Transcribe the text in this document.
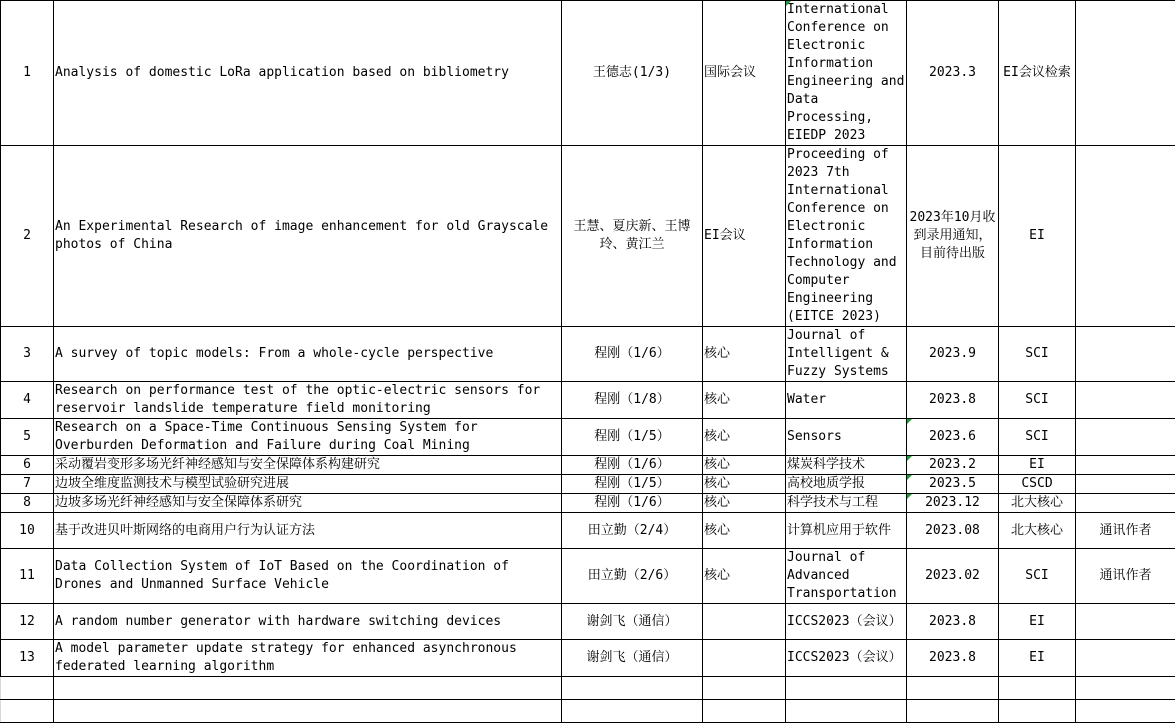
1	Analysis of domestic LoRa application based on bibliometry	王德志(1/3)	国际会议	International Conference on Electronic Information Engineering and Data Processing, EIEDP 2023	2023.3	EI会议检索	
2	An Experimental Research of image enhancement for old Grayscale photos of China	王慧、夏庆新、王博玲、黄江兰	EI会议	Proceeding of 2023 7th International Conference on Electronic Information Technology and Computer Engineering (EITCE 2023)	2023年10月收到录用通知，目前待出版	EI	
3	A survey of topic models: From a whole-cycle perspective	程刚（1/6）	核心	Journal of Intelligent & Fuzzy Systems	2023.9	SCI	
4	Research on performance test of the optic‑electric sensors for reservoir landslide temperature field monitoring	程刚（1/8）	核心	Water	2023.8	SCI	
5	Research on a Space‑Time Continuous Sensing System for Overburden Deformation and Failure during Coal Mining	程刚（1/5）	核心	Sensors	2023.6	SCI	
6	采动覆岩变形多场光纤神经感知与安全保障体系构建研究	程刚（1/6）	核心	煤炭科学技术	2023.2	EI	
7	边坡全维度监测技术与模型试验研究进展	程刚（1/5）	核心	高校地质学报	2023.5	CSCD	
8	边坡多场光纤神经感知与安全保障体系研究	程刚（1/6）	核心	科学技术与工程	2023.12	北大核心	
10	基于改进贝叶斯网络的电商用户行为认证方法	田立勤（2/4）	核心	计算机应用于软件	2023.08	北大核心	通讯作者
11	Data Collection System of IoT Based on the Coordination of Drones and Unmanned Surface Vehicle	田立勤（2/6）	核心	Journal of Advanced Transportation	2023.02	SCI	通讯作者
12	A random number generator with hardware switching devices	谢剑飞（通信）		ICCS2023（会议）	2023.8	EI	
13	A model parameter update strategy for enhanced asynchronous federated learning algorithm	谢剑飞（通信）		ICCS2023（会议）	2023.8	EI	
